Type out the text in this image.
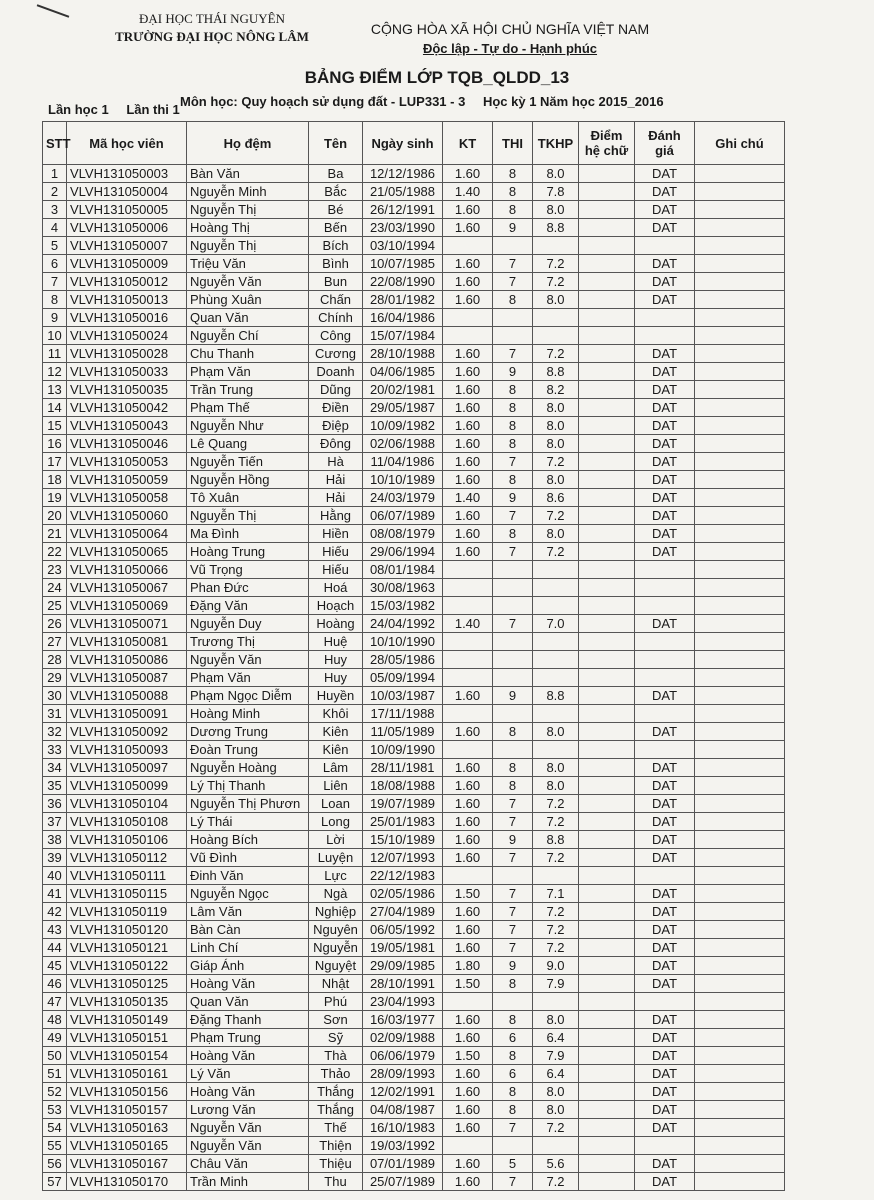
ĐẠI HỌC THÁI NGUYÊN
TRƯỜNG ĐẠI HỌC NÔNG LÂM	CỘNG HÒA XÃ HỘI CHỦ NGHĨA VIỆT NAM
Độc lập - Tự do - Hạnh phúc
BẢNG ĐIỂM LỚP TQB_QLDD_13
Môn học: Quy hoạch sử dụng đất - LUP331 - 3 Học kỳ 1 Năm học 2015_2016
Lần học 1 Lần thi 1
STT	Mã học viên	Họ đệm	Tên	Ngày sinh	KT	THI	TKHP	Điểm hệ chữ	Đánh giá	Ghi chú
1	VLVH131050003	Bàn Văn	Ba	12/12/1986	1.60	8	8.0		DAT	
2	VLVH131050004	Nguyễn Minh	Bắc	21/05/1988	1.40	8	7.8		DAT	
3	VLVH131050005	Nguyễn Thị	Bé	26/12/1991	1.60	8	8.0		DAT	
4	VLVH131050006	Hoàng Thị	Bến	23/03/1990	1.60	9	8.8		DAT	
5	VLVH131050007	Nguyễn Thị	Bích	03/10/1994						
6	VLVH131050009	Triệu Văn	Bình	10/07/1985	1.60	7	7.2		DAT	
7	VLVH131050012	Nguyễn Văn	Bun	22/08/1990	1.60	7	7.2		DAT	
8	VLVH131050013	Phùng Xuân	Chấn	28/01/1982	1.60	8	8.0		DAT	
9	VLVH131050016	Quan Văn	Chính	16/04/1986						
10	VLVH131050024	Nguyễn Chí	Công	15/07/1984						
11	VLVH131050028	Chu Thanh	Cương	28/10/1988	1.60	7	7.2		DAT	
12	VLVH131050033	Phạm Văn	Doanh	04/06/1985	1.60	9	8.8		DAT	
13	VLVH131050035	Trần Trung	Dũng	20/02/1981	1.60	8	8.2		DAT	
14	VLVH131050042	Phạm Thế	Điền	29/05/1987	1.60	8	8.0		DAT	
15	VLVH131050043	Nguyễn Như	Điệp	10/09/1982	1.60	8	8.0		DAT	
16	VLVH131050046	Lê Quang	Đông	02/06/1988	1.60	8	8.0		DAT	
17	VLVH131050053	Nguyễn Tiến	Hà	11/04/1986	1.60	7	7.2		DAT	
18	VLVH131050059	Nguyễn Hồng	Hải	10/10/1989	1.60	8	8.0		DAT	
19	VLVH131050058	Tô Xuân	Hải	24/03/1979	1.40	9	8.6		DAT	
20	VLVH131050060	Nguyễn Thị	Hằng	06/07/1989	1.60	7	7.2		DAT	
21	VLVH131050064	Ma Đình	Hiền	08/08/1979	1.60	8	8.0		DAT	
22	VLVH131050065	Hoàng Trung	Hiếu	29/06/1994	1.60	7	7.2		DAT	
23	VLVH131050066	Vũ Trọng	Hiếu	08/01/1984						
24	VLVH131050067	Phan Đức	Hoá	30/08/1963						
25	VLVH131050069	Đặng Văn	Hoạch	15/03/1982						
26	VLVH131050071	Nguyễn Duy	Hoàng	24/04/1992	1.40	7	7.0		DAT	
27	VLVH131050081	Trương Thị	Huệ	10/10/1990						
28	VLVH131050086	Nguyễn Văn	Huy	28/05/1986						
29	VLVH131050087	Phạm Văn	Huy	05/09/1994						
30	VLVH131050088	Phạm Ngọc Diễm	Huyền	10/03/1987	1.60	9	8.8		DAT	
31	VLVH131050091	Hoàng Minh	Khôi	17/11/1988						
32	VLVH131050092	Dương Trung	Kiên	11/05/1989	1.60	8	8.0		DAT	
33	VLVH131050093	Đoàn Trung	Kiên	10/09/1990						
34	VLVH131050097	Nguyễn Hoàng	Lâm	28/11/1981	1.60	8	8.0		DAT	
35	VLVH131050099	Lý Thị Thanh	Liên	18/08/1988	1.60	8	8.0		DAT	
36	VLVH131050104	Nguyễn Thị Phươn	Loan	19/07/1989	1.60	7	7.2		DAT	
37	VLVH131050108	Lý Thái	Long	25/01/1983	1.60	7	7.2		DAT	
38	VLVH131050106	Hoàng Bích	Lời	15/10/1989	1.60	9	8.8		DAT	
39	VLVH131050112	Vũ Đình	Luyện	12/07/1993	1.60	7	7.2		DAT	
40	VLVH131050111	Đinh Văn	Lực	22/12/1983						
41	VLVH131050115	Nguyễn Ngọc	Ngà	02/05/1986	1.50	7	7.1		DAT	
42	VLVH131050119	Lâm Văn	Nghiệp	27/04/1989	1.60	7	7.2		DAT	
43	VLVH131050120	Bàn Càn	Nguyên	06/05/1992	1.60	7	7.2		DAT	
44	VLVH131050121	Linh Chí	Nguyễn	19/05/1981	1.60	7	7.2		DAT	
45	VLVH131050122	Giáp Ánh	Nguyệt	29/09/1985	1.80	9	9.0		DAT	
46	VLVH131050125	Hoàng Văn	Nhật	28/10/1991	1.50	8	7.9		DAT	
47	VLVH131050135	Quan Văn	Phú	23/04/1993						
48	VLVH131050149	Đặng Thanh	Sơn	16/03/1977	1.60	8	8.0		DAT	
49	VLVH131050151	Phạm Trung	Sỹ	02/09/1988	1.60	6	6.4		DAT	
50	VLVH131050154	Hoàng Văn	Thà	06/06/1979	1.50	8	7.9		DAT	
51	VLVH131050161	Lý Văn	Thảo	28/09/1993	1.60	6	6.4		DAT	
52	VLVH131050156	Hoàng Văn	Thắng	12/02/1991	1.60	8	8.0		DAT	
53	VLVH131050157	Lương Văn	Thắng	04/08/1987	1.60	8	8.0		DAT	
54	VLVH131050163	Nguyễn Văn	Thế	16/10/1983	1.60	7	7.2		DAT	
55	VLVH131050165	Nguyễn Văn	Thiện	19/03/1992						
56	VLVH131050167	Châu Văn	Thiệu	07/01/1989	1.60	5	5.6		DAT	
57	VLVH131050170	Trần Minh	Thu	25/07/1989	1.60	7	7.2		DAT	
